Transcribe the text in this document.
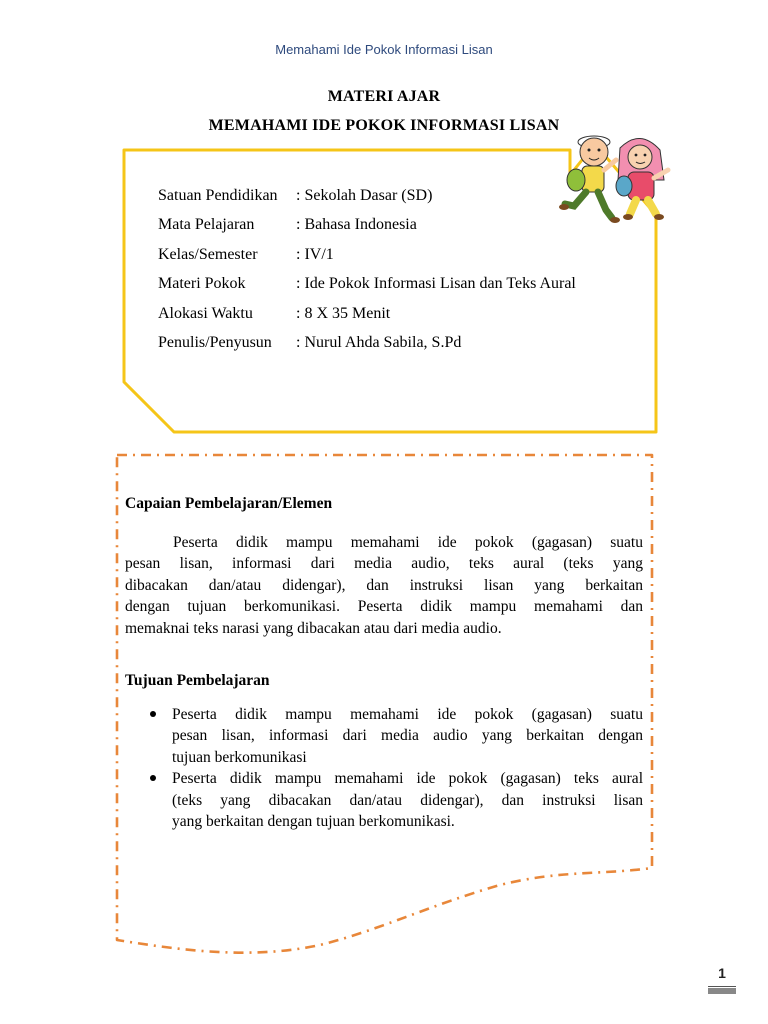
Memahami Ide Pokok Informasi Lisan
MATERI AJAR
MEMAHAMI IDE POKOK INFORMASI LISAN
Satuan Pendidikan	: Sekolah Dasar (SD)
Mata Pelajaran	: Bahasa Indonesia
Kelas/Semester	: IV/1
Materi Pokok	: Ide Pokok Informasi Lisan dan Teks Aural
Alokasi Waktu	: 8 X 35 Menit
Penulis/Penyusun	: Nurul Ahda Sabila, S.Pd
Capaian Pembelajaran/Elemen
Peserta didik mampu memahami ide pokok (gagasan) suatu
pesan lisan, informasi dari media audio, teks aural (teks yang
dibacakan dan/atau didengar), dan instruksi lisan yang berkaitan
dengan tujuan berkomunikasi. Peserta didik mampu memahami dan
memaknai teks narasi yang dibacakan atau dari media audio.
Tujuan Pembelajaran
Peserta didik mampu memahami ide pokok (gagasan) suatu
pesan lisan, informasi dari media audio yang berkaitan dengan
tujuan berkomunikasi
Peserta didik mampu memahami ide pokok (gagasan) teks aural
(teks yang dibacakan dan/atau didengar), dan instruksi lisan
yang berkaitan dengan tujuan berkomunikasi.
1
